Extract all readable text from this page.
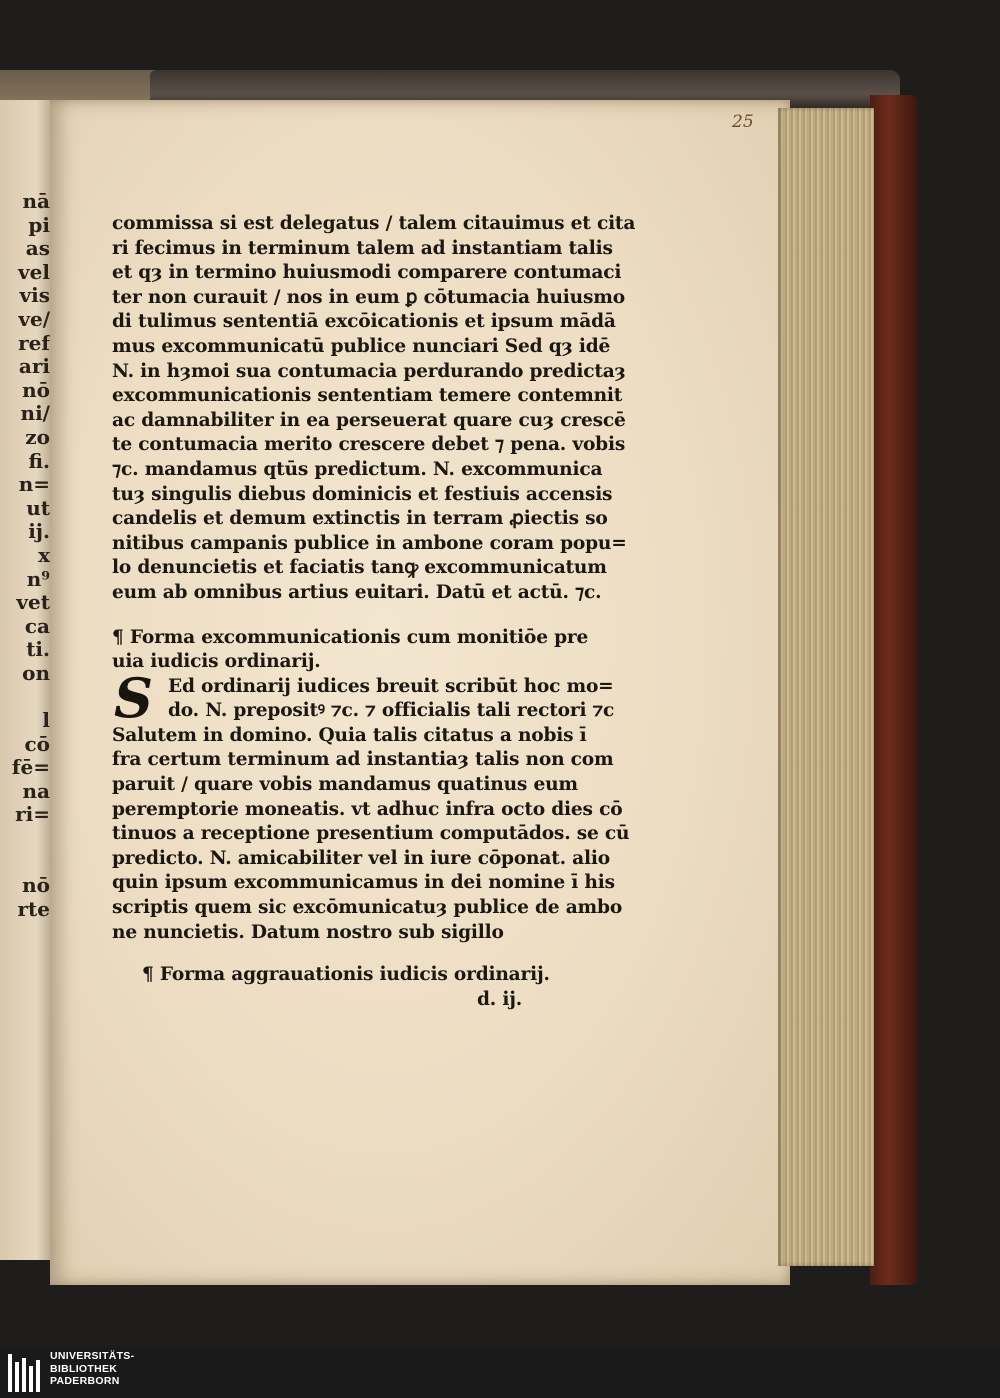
nā
pi
as
vel
vis
ve/
ref
ari
nō
ni/
zo
fi.
n=
ut
ij.
x
n⁹
vet
ca
ti.
on
l
cō
fē=
na
ri=
nō
rte
25
commissa si est delegatus / talem citauimus et cita
ri fecimus in terminum talem ad instantiam talis
et qȝ in termino huiusmodi comparere contumaci
ter non curauit / nos in eum ꝑ cōtumacia huiusmo
di tulimus sententiā excōicationis et ipsum mādā
mus excommunicatū publice nunciari Sed qȝ idē
N. in hȝmoi sua contumacia perdurando predictaȝ
excommunicationis sententiam temere contemnit
ac damnabiliter in ea perseuerat quare cuȝ crescē
te contumacia merito crescere debet ⁊ pena. vobis
⁊c. mandamus qtūs predictum. N. excommunica
tuȝ singulis diebus dominicis et festiuis accensis
candelis et demum extinctis in terram ꝓiectis so
nitibus campanis publice in ambone coram popu=
lo denuncietis et faciatis tanꝙ excommunicatum
eum ab omnibus artius euitari. Datū et actū. ⁊c.
¶ Forma excommunicationis cum monitiōe pre
uia iudicis ordinarij.
S Ed ordinarij iudices breuit scribūt hoc mo=
do. N. prepositꝰ ⁊c. ⁊ officialis tali rectori ⁊c
Salutem in domino. Quia talis citatus a nobis ī
fra certum terminum ad instantiaȝ talis non com
paruit / quare vobis mandamus quatinus eum
peremptorie moneatis. vt adhuc infra octo dies cō
tinuos a receptione presentium computādos. se cū
predicto. N. amicabiliter vel in iure cōponat. alio
quin ipsum excommunicamus in dei nomine ī his
scriptis quem sic excōmunicatuȝ publice de ambo
ne nuncietis. Datum nostro sub sigillo
¶ Forma aggrauationis iudicis ordinarij.
d. ij.
UNIVERSITÄTS-
BIBLIOTHEK
PADERBORN
